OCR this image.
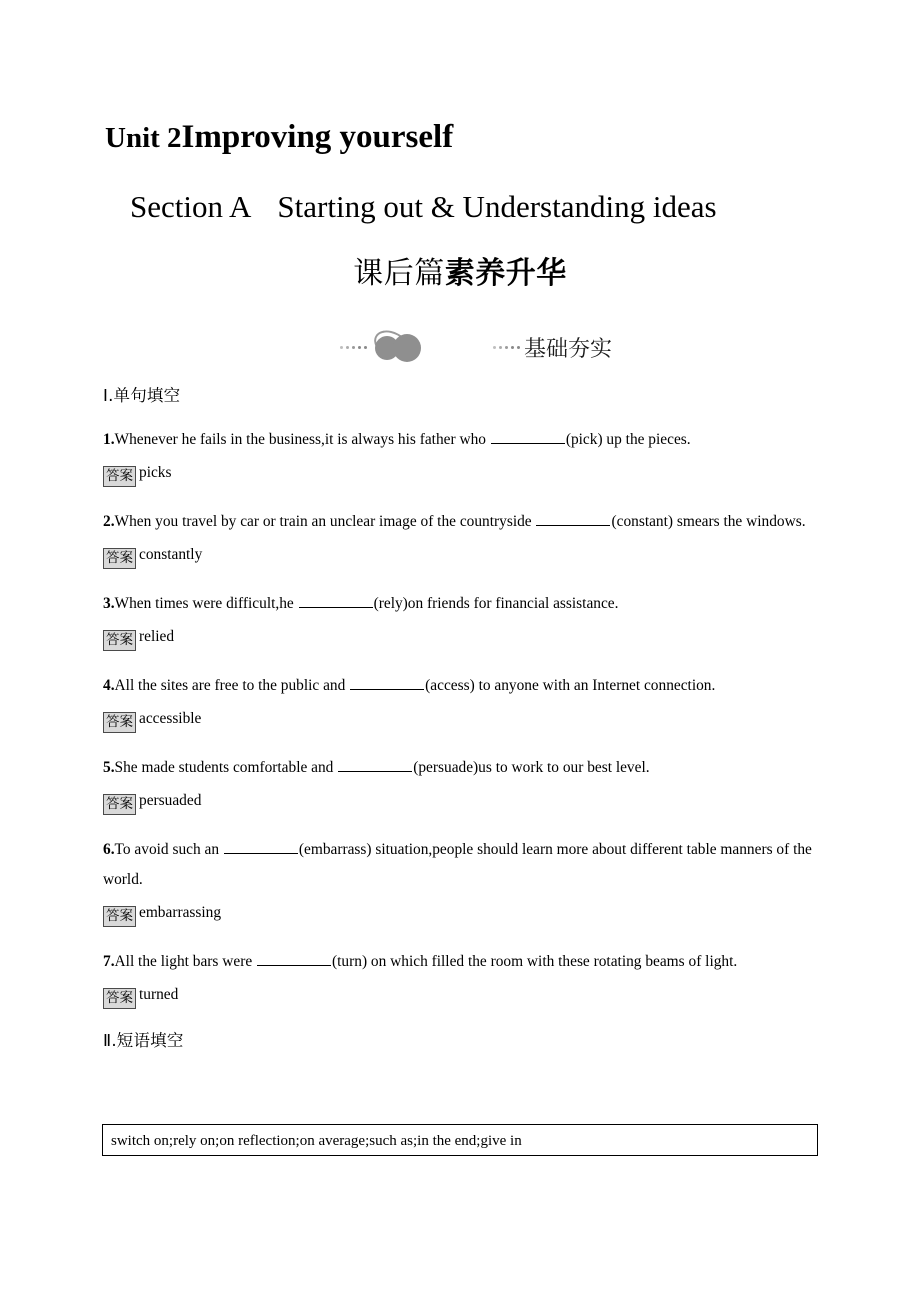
Unit 2Improving yourself
Section A Starting out & Understanding ideas
课后篇素养升华
基础夯实

Ⅰ.单句填空

1.Whenever he fails in the business,it is always his father who	(pick) up the pieces.

答案 picks

2.When you travel by car or train an unclear image of the countryside	(constant) smears the windows.

答案 constantly

3.When times were difficult,he	(rely)on friends for financial assistance.

答案 relied

4.All the sites are free to the public and	(access) to anyone with an Internet connection.

答案 accessible

5.She made students comfortable and	(persuade)us to work to our best level.

答案 persuaded

6.To avoid such an	(embarrass) situation,people should learn more about different table manners of the world.

答案 embarrassing

7.All the light bars were	(turn) on which filled the room with these rotating beams of light.

答案 turned

Ⅱ.短语填空

switch on;rely on;on reflection;on average;such as;in the end;give in
